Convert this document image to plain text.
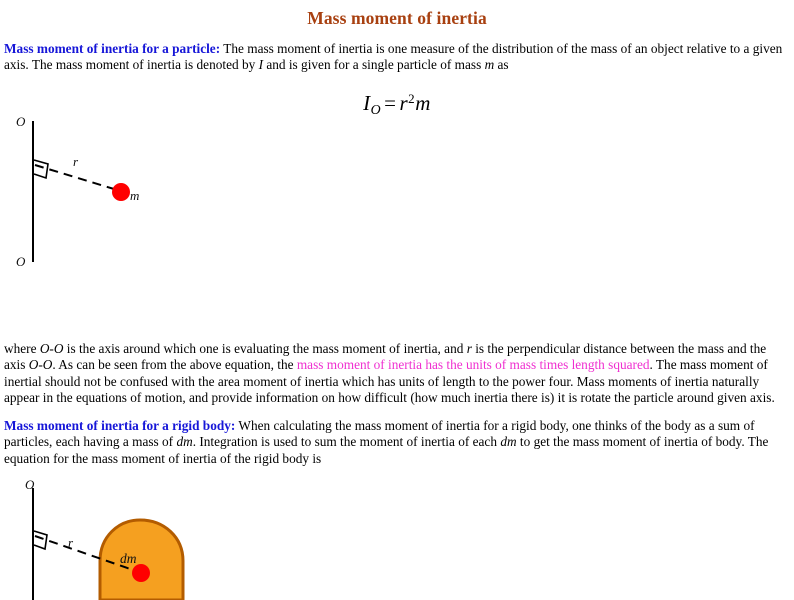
Mass moment of inertia
Mass moment of inertia for a particle: The mass moment of inertia is one measure of the distribution of the mass of an object relative to a given axis. The mass moment of inertia is denoted by I and is given for a single particle of mass m as
$I_O = r^2m$
O
O
r
m
where O-O is the axis around which one is evaluating the mass moment of inertia, and r is the perpendicular distance between the mass and the axis O-O. As can be seen from the above equation, the mass moment of inertia has the units of mass times length squared. The mass moment of inertial should not be confused with the area moment of inertia which has units of length to the power four. Mass moments of inertia naturally appear in the equations of motion, and provide information on how difficult (how much inertia there is) it is rotate the particle around given axis.
Mass moment of inertia for a rigid body: When calculating the mass moment of inertia for a rigid body, one thinks of the body as a sum of particles, each having a mass of dm. Integration is used to sum the moment of inertia of each dm to get the mass moment of inertia of body. The equation for the mass moment of inertia of the rigid body is
O
r
dm
